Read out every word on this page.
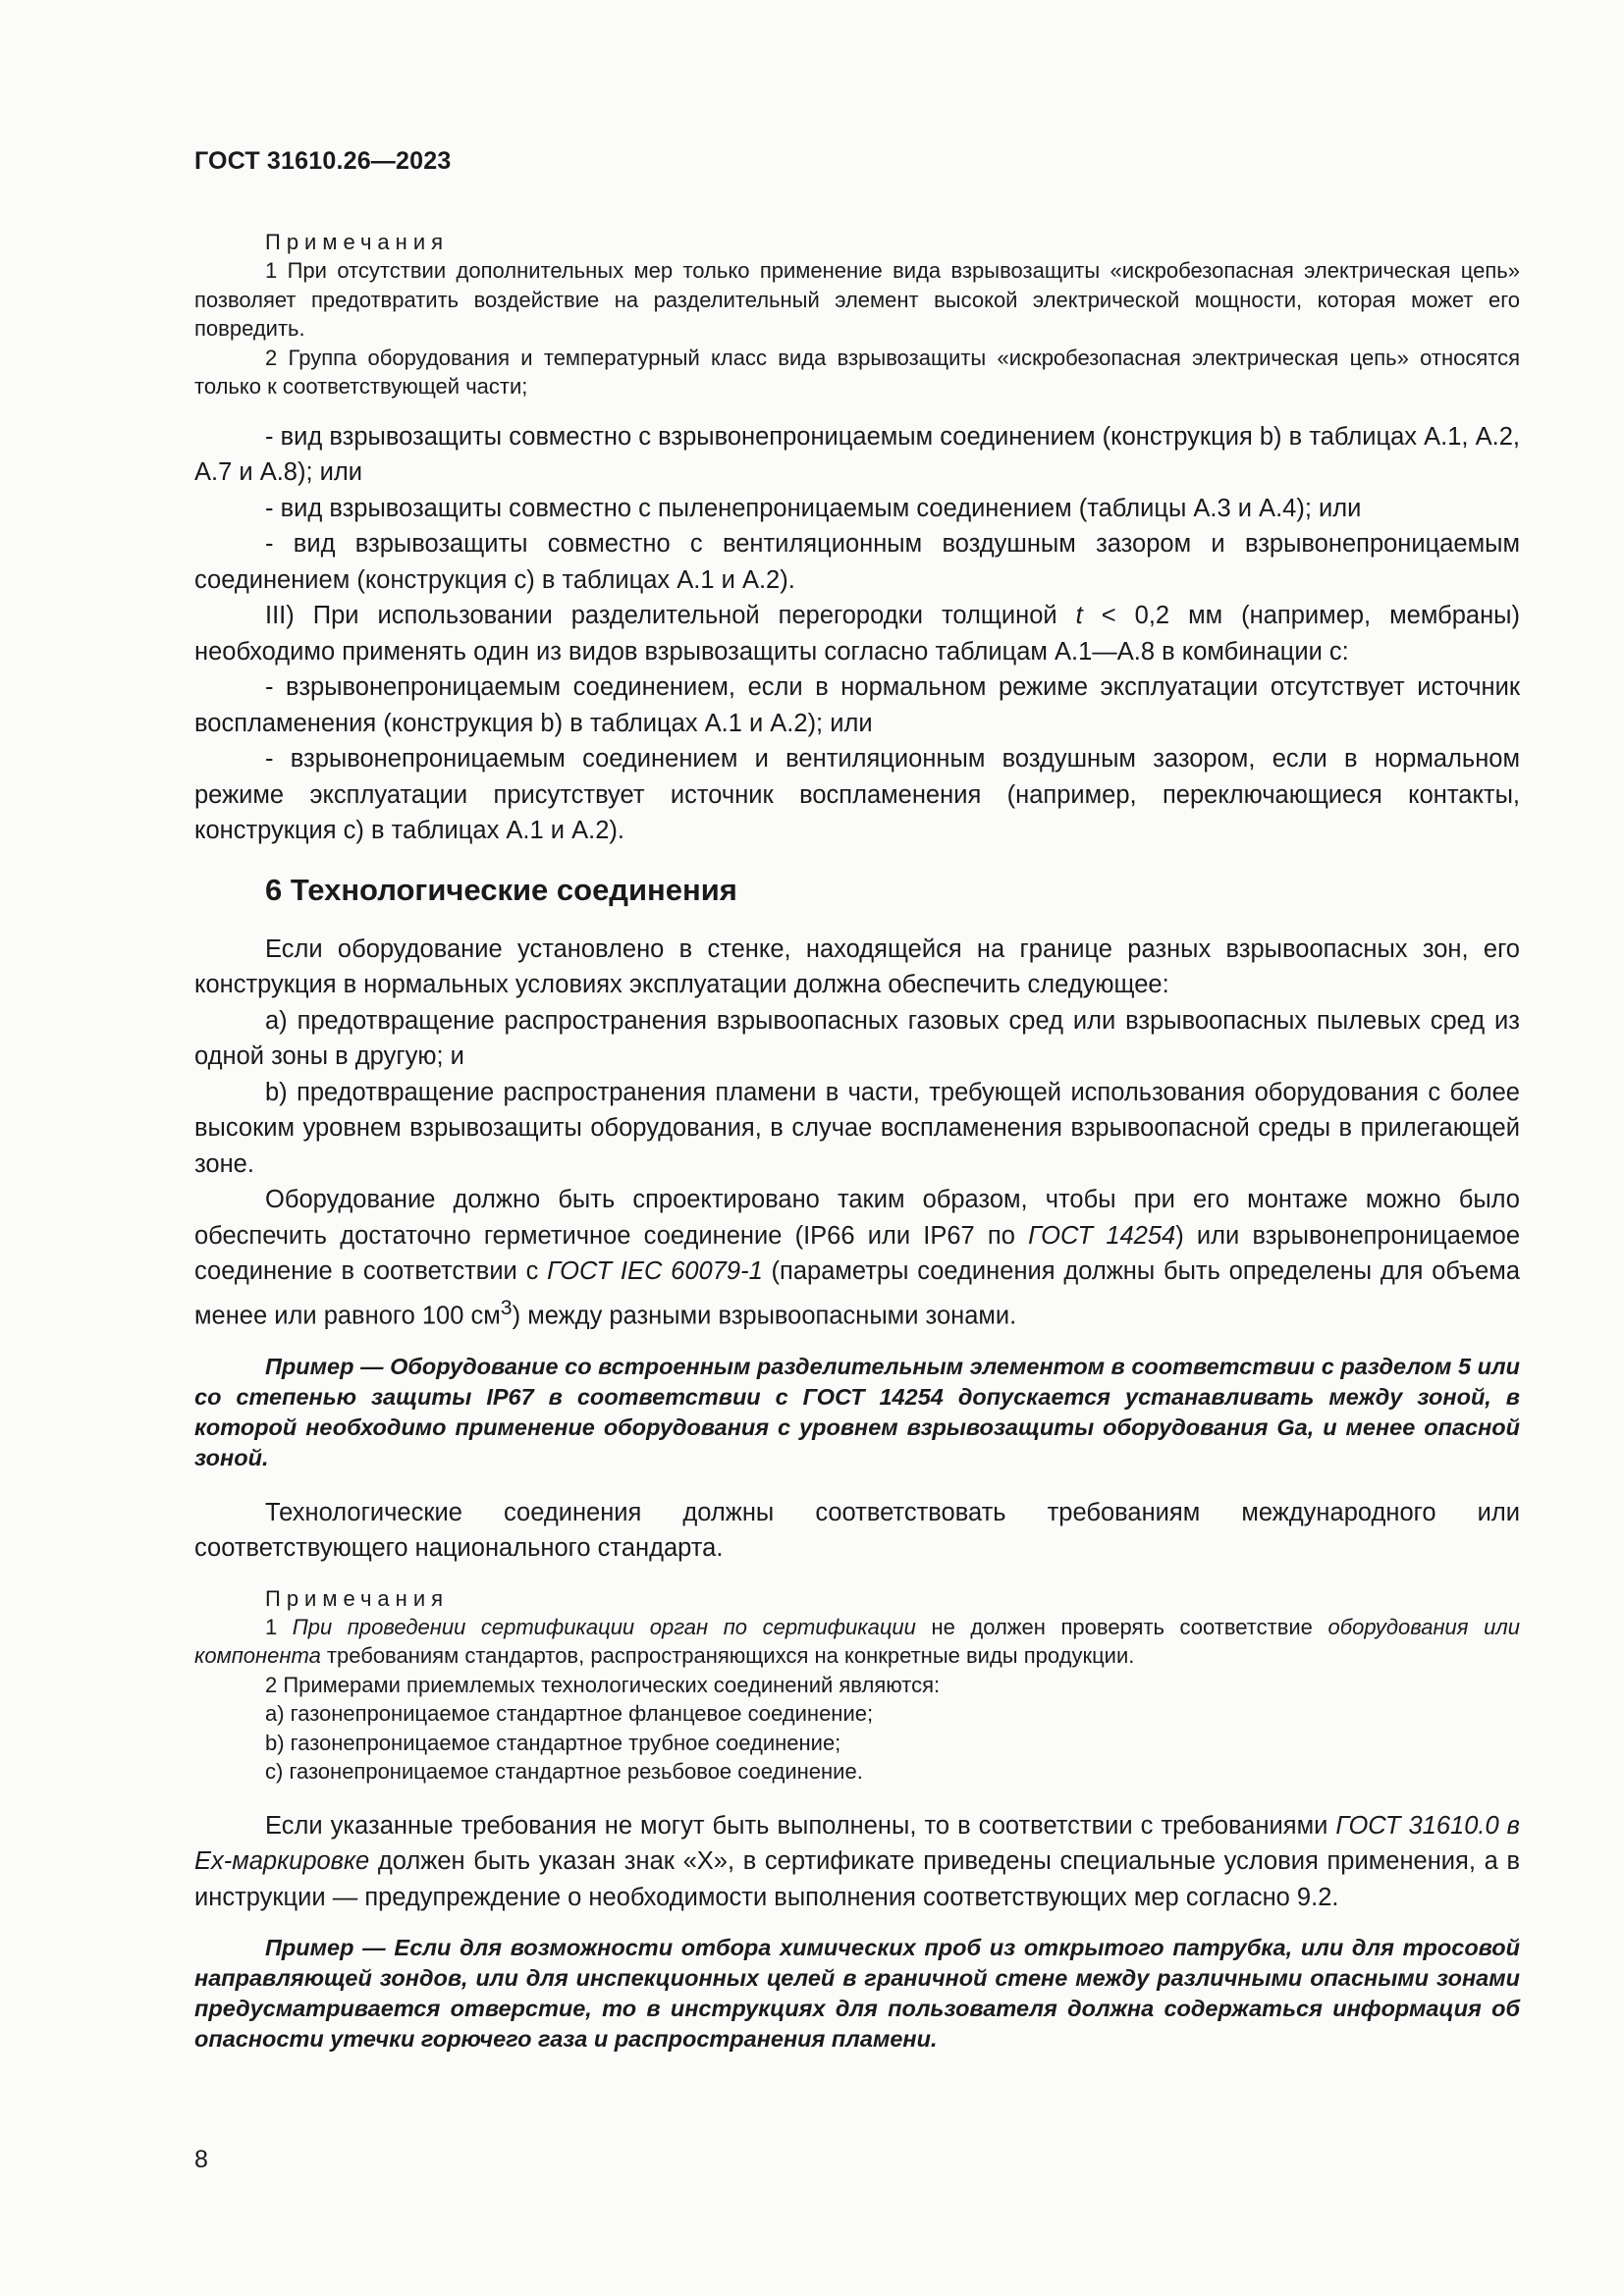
ГОСТ 31610.26—2023

Примечания

1 При отсутствии дополнительных мер только применение вида взрывозащиты «искробезопасная электрическая цепь» позволяет предотвратить воздействие на разделительный элемент высокой электрической мощности, которая может его повредить.

2 Группа оборудования и температурный класс вида взрывозащиты «искробезопасная электрическая цепь» относятся только к соответствующей части;

- вид взрывозащиты совместно с взрывонепроницаемым соединением (конструкция b) в таблицах А.1, А.2, А.7 и А.8); или

- вид взрывозащиты совместно с пыленепроницаемым соединением (таблицы А.3 и А.4); или

- вид взрывозащиты совместно с вентиляционным воздушным зазором и взрывонепроницаемым соединением (конструкция c) в таблицах А.1 и А.2).

III) При использовании разделительной перегородки толщиной t < 0,2 мм (например, мембраны) необходимо применять один из видов взрывозащиты согласно таблицам А.1—А.8 в комбинации с:

- взрывонепроницаемым соединением, если в нормальном режиме эксплуатации отсутствует источник воспламенения (конструкция b) в таблицах А.1 и А.2); или

- взрывонепроницаемым соединением и вентиляционным воздушным зазором, если в нормальном режиме эксплуатации присутствует источник воспламенения (например, переключающиеся контакты, конструкция c) в таблицах А.1 и А.2).

6 Технологические соединения

Если оборудование установлено в стенке, находящейся на границе разных взрывоопасных зон, его конструкция в нормальных условиях эксплуатации должна обеспечить следующее:

a) предотвращение распространения взрывоопасных газовых сред или взрывоопасных пылевых сред из одной зоны в другую; и

b) предотвращение распространения пламени в части, требующей использования оборудования с более высоким уровнем взрывозащиты оборудования, в случае воспламенения взрывоопасной среды в прилегающей зоне.

Оборудование должно быть спроектировано таким образом, чтобы при его монтаже можно было обеспечить достаточно герметичное соединение (IP66 или IP67 по ГОСТ 14254) или взрывонепроницаемое соединение в соответствии с ГОСТ IEC 60079-1 (параметры соединения должны быть определены для объема менее или равного 100 $см^3$) между разными взрывоопасными зонами.

Пример — Оборудование со встроенным разделительным элементом в соответствии с разделом 5 или со степенью защиты IP67 в соответствии с ГОСТ 14254 допускается устанавливать между зоной, в которой необходимо применение оборудования с уровнем взрывозащиты оборудования Ga, и менее опасной зоной.

Технологические соединения должны соответствовать требованиям международного или соответствующего национального стандарта.

Примечания

1 При проведении сертификации орган по сертификации не должен проверять соответствие оборудования или компонента требованиям стандартов, распространяющихся на конкретные виды продукции.

2 Примерами приемлемых технологических соединений являются:

a) газонепроницаемое стандартное фланцевое соединение;

b) газонепроницаемое стандартное трубное соединение;

c) газонепроницаемое стандартное резьбовое соединение.

Если указанные требования не могут быть выполнены, то в соответствии с требованиями ГОСТ 31610.0 в Ex-маркировке должен быть указан знак «X», в сертификате приведены специальные условия применения, а в инструкции — предупреждение о необходимости выполнения соответствующих мер согласно 9.2.

Пример — Если для возможности отбора химических проб из открытого патрубка, или для тросовой направляющей зондов, или для инспекционных целей в граничной стене между различными опасными зонами предусматривается отверстие, то в инструкциях для пользователя должна содержаться информация об опасности утечки горючего газа и распространения пламени.

8
